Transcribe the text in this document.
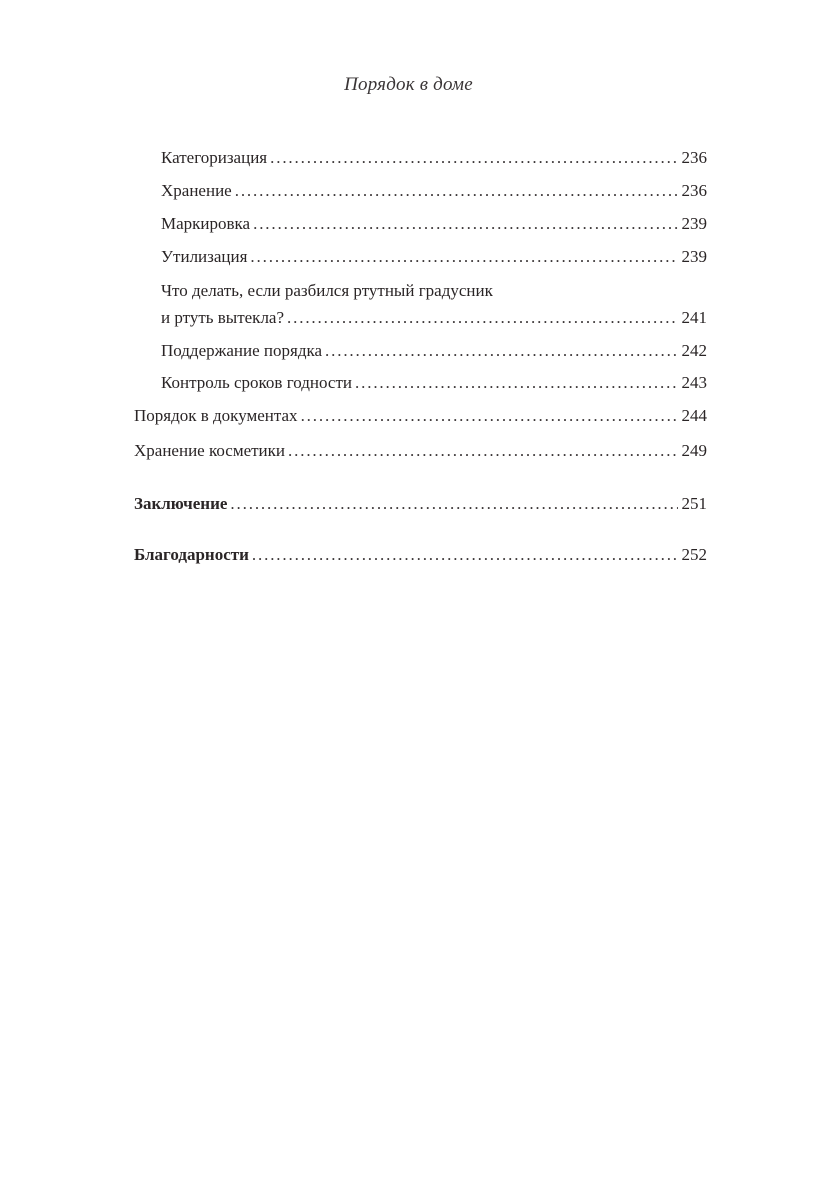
Порядок в доме
Категоризация . . .	236
Хранение . . .	236
Маркировка . . .	239
Утилизация . . .	239
Что делать, если разбился ртутный градусник
и ртуть вытекла? . . .	241
Поддержание порядка . . .	242
Контроль сроков годности . . .	243
Порядок в документах . . .	244
Хранение косметики . . .	249
Заключение . . .	251
Благодарности . . .	252
